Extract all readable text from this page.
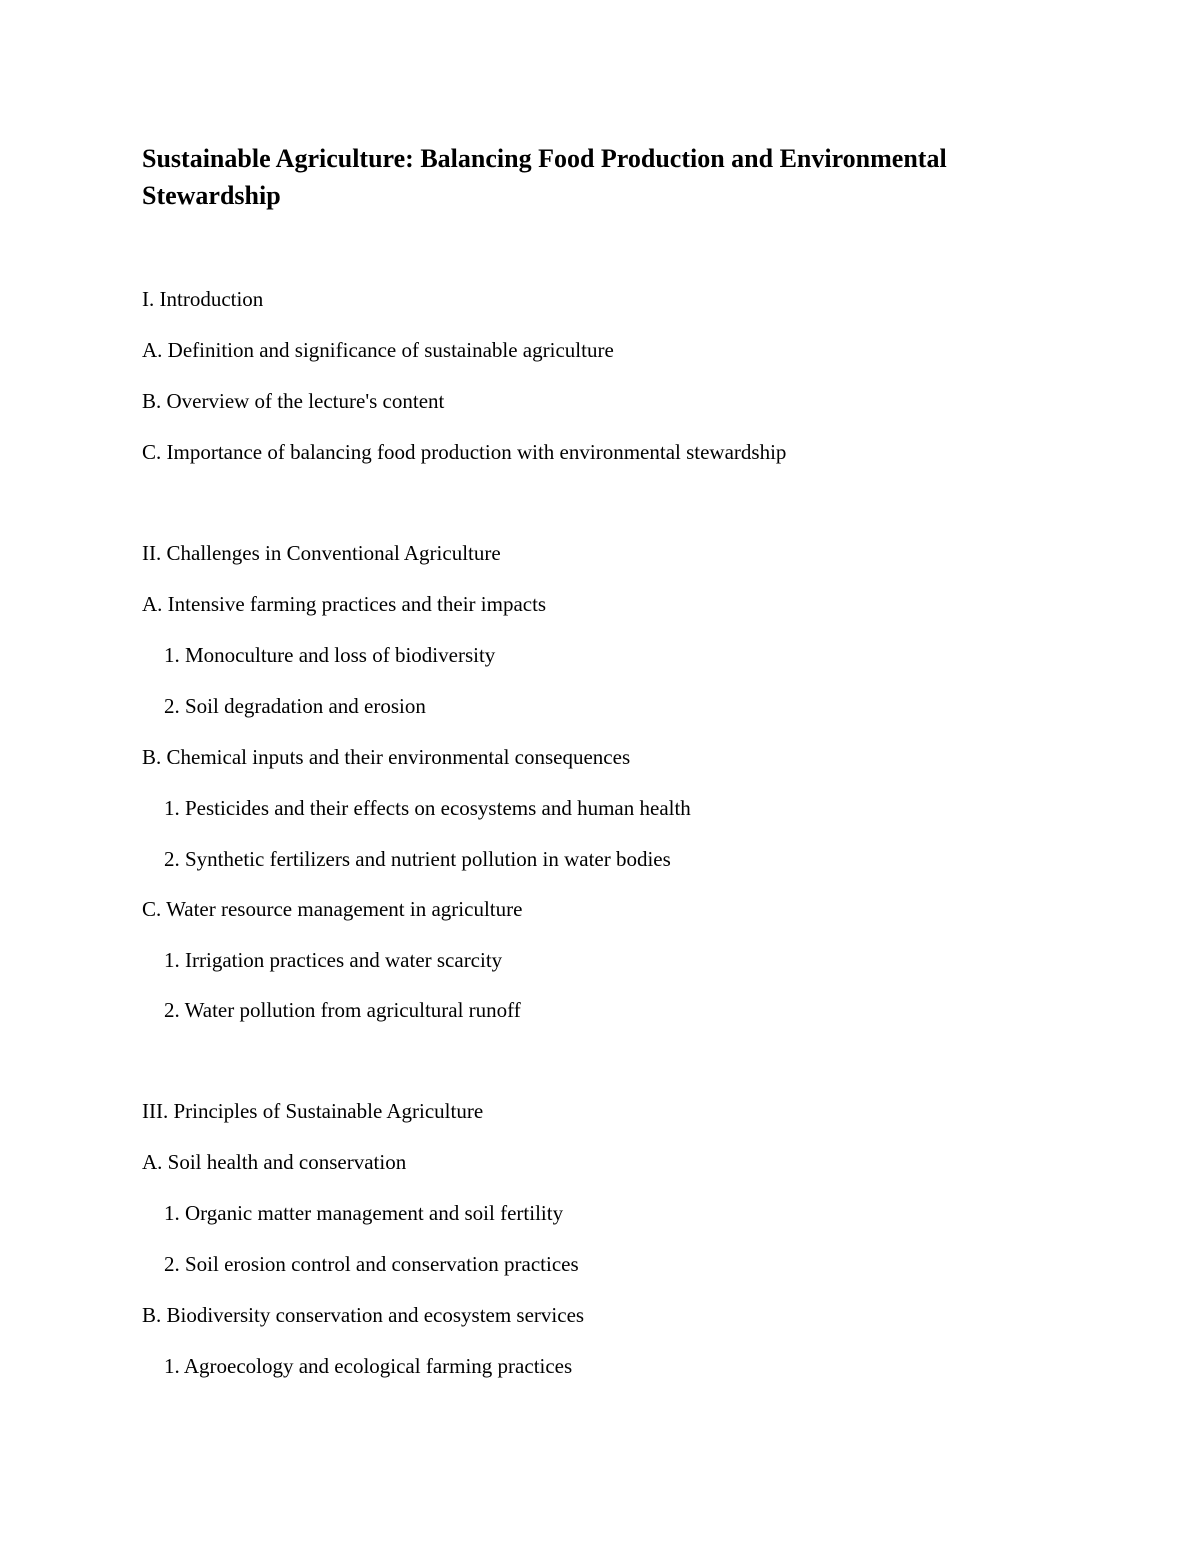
Sustainable Agriculture: Balancing Food Production and Environmental Stewardship

I. Introduction

A. Definition and significance of sustainable agriculture

B. Overview of the lecture's content

C. Importance of balancing food production with environmental stewardship

II. Challenges in Conventional Agriculture

A. Intensive farming practices and their impacts

1. Monoculture and loss of biodiversity

2. Soil degradation and erosion

B. Chemical inputs and their environmental consequences

1. Pesticides and their effects on ecosystems and human health

2. Synthetic fertilizers and nutrient pollution in water bodies

C. Water resource management in agriculture

1. Irrigation practices and water scarcity

2. Water pollution from agricultural runoff

III. Principles of Sustainable Agriculture

A. Soil health and conservation

1. Organic matter management and soil fertility

2. Soil erosion control and conservation practices

B. Biodiversity conservation and ecosystem services

1. Agroecology and ecological farming practices
